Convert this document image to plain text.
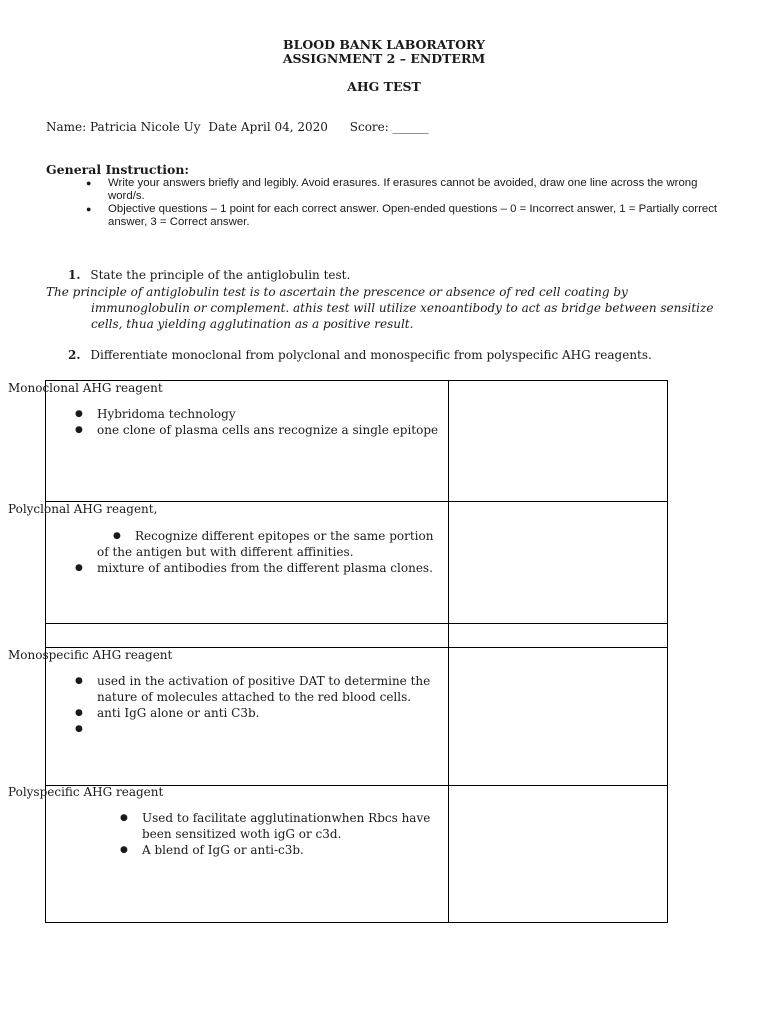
BLOOD BANK LABORATORY

ASSIGNMENT 2 – ENDTERM

AHG TEST

Name: Patricia Nicole Uy Date April 04, 2020 Score: ______

General Instruction:

● Write your answers briefly and legibly. Avoid erasures. If erasures cannot be avoided, draw one line across the wrong word/s.
● Objective questions – 1 point for each correct answer. Open-ended questions – 0 = Incorrect answer, 1 = Partially correct answer, 3 = Correct answer.
1. State the principle of the antiglobulin test.

The principle of antiglobulin test is to ascertain the prescence or absence of red cell coating by

immunoglobulin or complement. athis test will utilize xenoantibody to act as bridge between sensitize

cells, thua yielding agglutination as a positive result.

2. Differentiate monoclonal from polyclonal and monospecific from polyspecific AHG reagents.

Monoclonal AHG reagent

Polyclonal AHG reagent,

Monospecific AHG reagent

Polyspecific AHG reagent

● Hybridoma technology
● one clone of plasma cells ans recognize a single epitope
● Recognize different epitopes or the same portion of the antigen but with different affinities.
● mixture of antibodies from the different plasma clones.
● used in the activation of positive DAT to determine the nature of molecules attached to the red blood cells.
● anti IgG alone or anti C3b.
●
● Used to facilitate agglutinationwhen Rbcs have been sensitized woth igG or c3d.
● A blend of IgG or anti-c3b.
